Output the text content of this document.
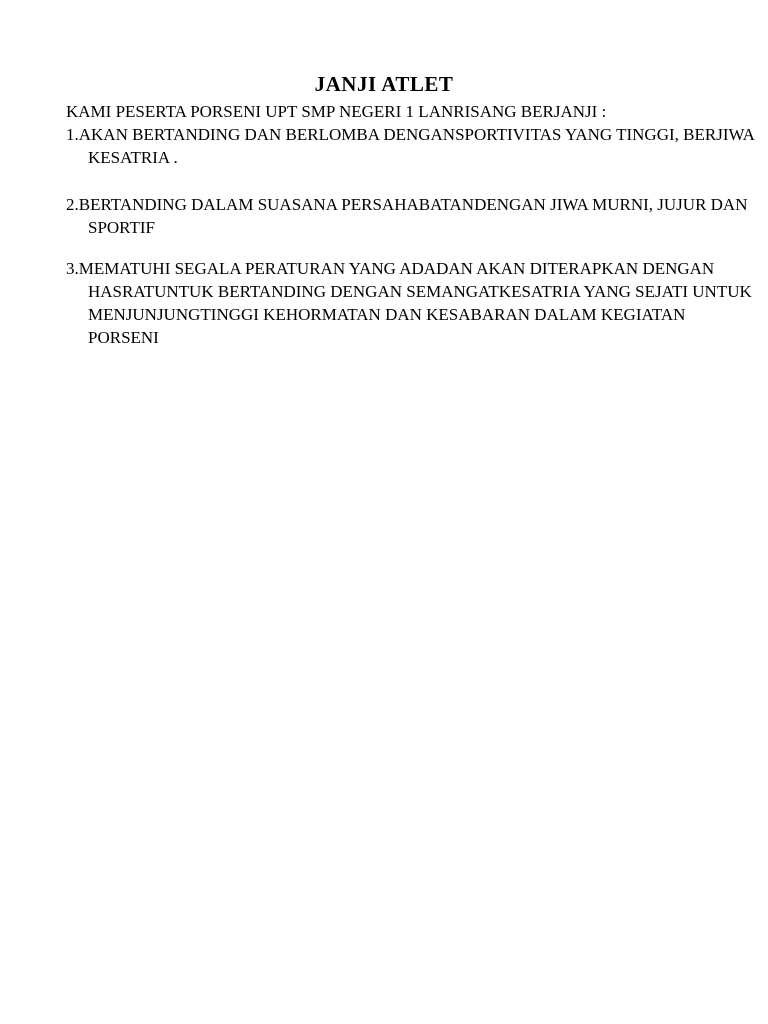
JANJI ATLET

KAMI PESERTA PORSENI UPT SMP NEGERI 1 LANRISANG BERJANJI :

1.AKAN BERTANDING DAN BERLOMBA DENGANSPORTIVITAS YANG TINGGI, BERJIWA KESATRIA .

2.BERTANDING DALAM SUASANA PERSAHABATANDENGAN JIWA MURNI, JUJUR DAN SPORTIF

3.MEMATUHI SEGALA PERATURAN YANG ADADAN AKAN DITERAPKAN DENGAN HASRATUNTUK BERTANDING DENGAN SEMANGATKESATRIA YANG SEJATI UNTUK MENJUNJUNGTINGGI KEHORMATAN DAN KESABARAN DALAM KEGIATAN PORSENI
